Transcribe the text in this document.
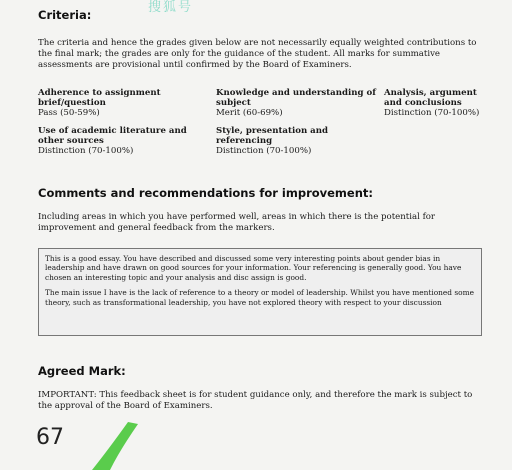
搜狐号
Criteria:

The criteria and hence the grades given below are not necessarily equally weighted contributions to the final mark; the grades are only for the guidance of the student. All marks for summative assessments are provisional until confirmed by the Board of Examiners.

Adherence to assignment brief/question
Pass (50-59%)
Knowledge and understanding of subject
Merit (60-69%)
Analysis, argument and conclusions
Distinction (70-100%)
Use of academic literature and other sources
Distinction (70-100%)
Style, presentation and referencing
Distinction (70-100%)
Comments and recommendations for improvement:

Including areas in which you have performed well, areas in which there is the potential for improvement and general feedback from the markers.

This is a good essay. You have described and discussed some very interesting points about gender bias in leadership and have drawn on good sources for your information. Your referencing is generally good. You have chosen an interesting topic and your analysis and disc assign is good.

The main issue I have is the lack of reference to a theory or model of leadership. Whilst you have mentioned some theory, such as transformational leadership, you have not explored theory with respect to your discussion

Agreed Mark:

IMPORTANT: This feedback sheet is for student guidance only, and therefore the mark is subject to the approval of the Board of Examiners.

67
